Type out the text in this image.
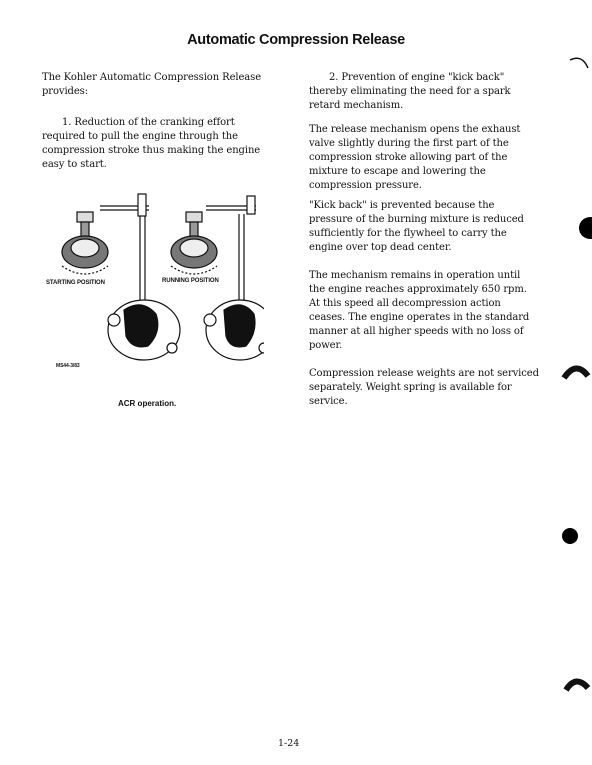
Automatic Compression Release

The Kohler Automatic Compression Release provides:

1. Reduction of the cranking effort required to pull the engine through the compression stroke thus making the engine easy to start.

2. Prevention of engine "kick back" thereby eliminating the need for a spark retard mechanism.

The release mechanism opens the exhaust valve slightly during the first part of the compression stroke allowing part of the mixture to escape and lowering the compression pressure.

"Kick back" is prevented because the pressure of the burning mixture is reduced sufficiently for the flywheel to carry the engine over top dead center.

The mechanism remains in operation until the engine reaches approximately 650 rpm. At this speed all decompression action ceases. The engine operates in the standard manner at all higher speeds with no loss of power.

Compression release weights are not serviced separately. Weight spring is available for service.

STARTING POSITION	RUNNING POSITION
MS44-3/83
ACR operation.
1-24
